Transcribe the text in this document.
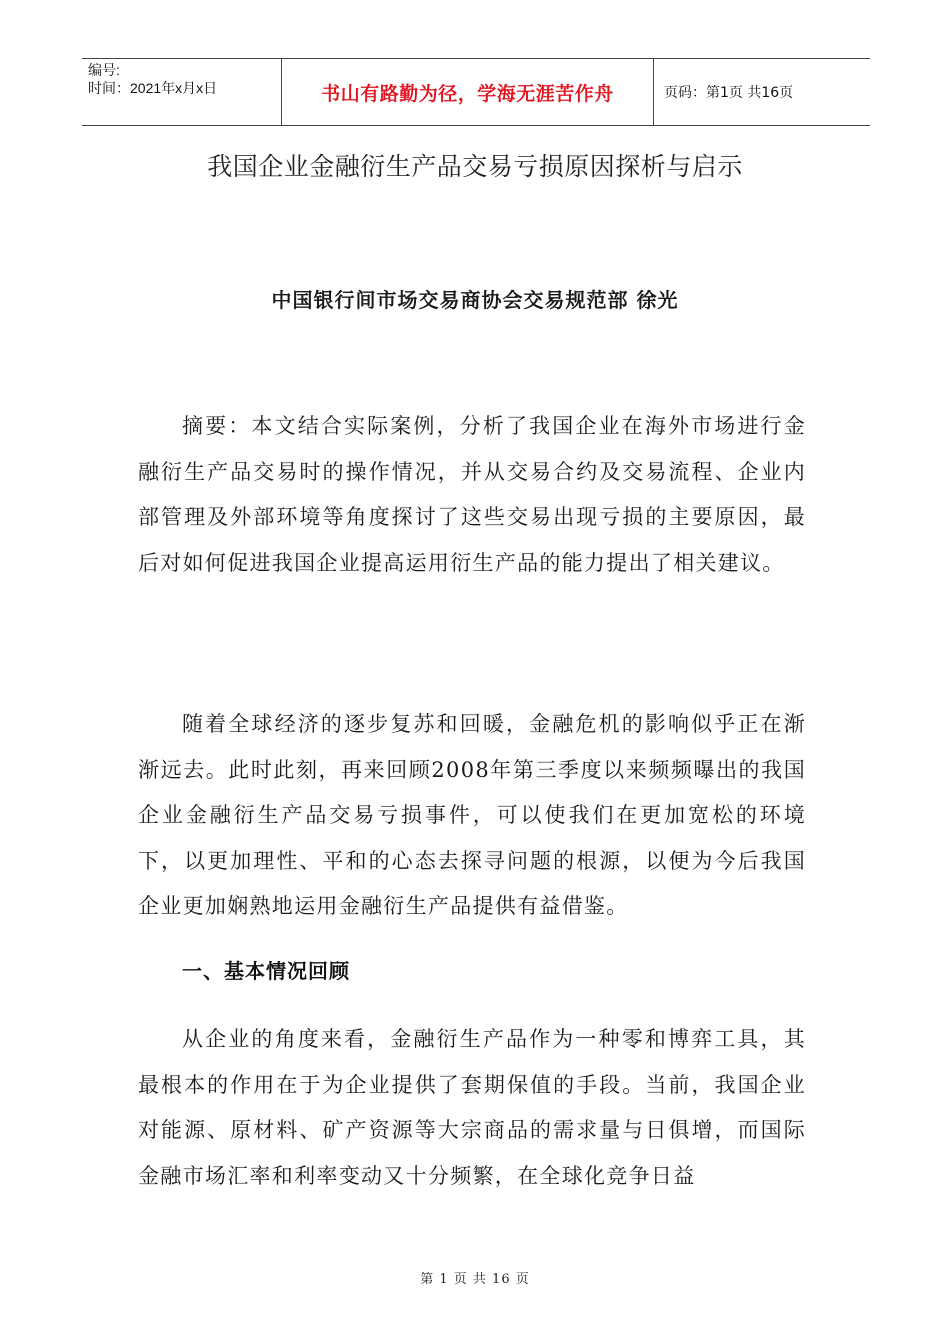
编号:
时间：2021年x月x日	书山有路勤为径，学海无涯苦作舟	页码：第1页 共16页
我国企业金融衍生产品交易亏损原因探析与启示
中国银行间市场交易商协会交易规范部 徐光
摘要：本文结合实际案例，分析了我国企业在海外市场进行金融衍生产品交易时的操作情况，并从交易合约及交易流程、企业内部管理及外部环境等角度探讨了这些交易出现亏损的主要原因，最后对如何促进我国企业提高运用衍生产品的能力提出了相关建议。
随着全球经济的逐步复苏和回暖，金融危机的影响似乎正在渐渐远去。此时此刻，再来回顾2008年第三季度以来频频曝出的我国企业金融衍生产品交易亏损事件，可以使我们在更加宽松的环境下，以更加理性、平和的心态去探寻问题的根源，以便为今后我国企业更加娴熟地运用金融衍生产品提供有益借鉴。
一、基本情况回顾
从企业的角度来看，金融衍生产品作为一种零和博弈工具，其最根本的作用在于为企业提供了套期保值的手段。当前，我国企业对能源、原材料、矿产资源等大宗商品的需求量与日俱增，而国际金融市场汇率和利率变动又十分频繁，在全球化竞争日益
第 1 页 共 16 页
